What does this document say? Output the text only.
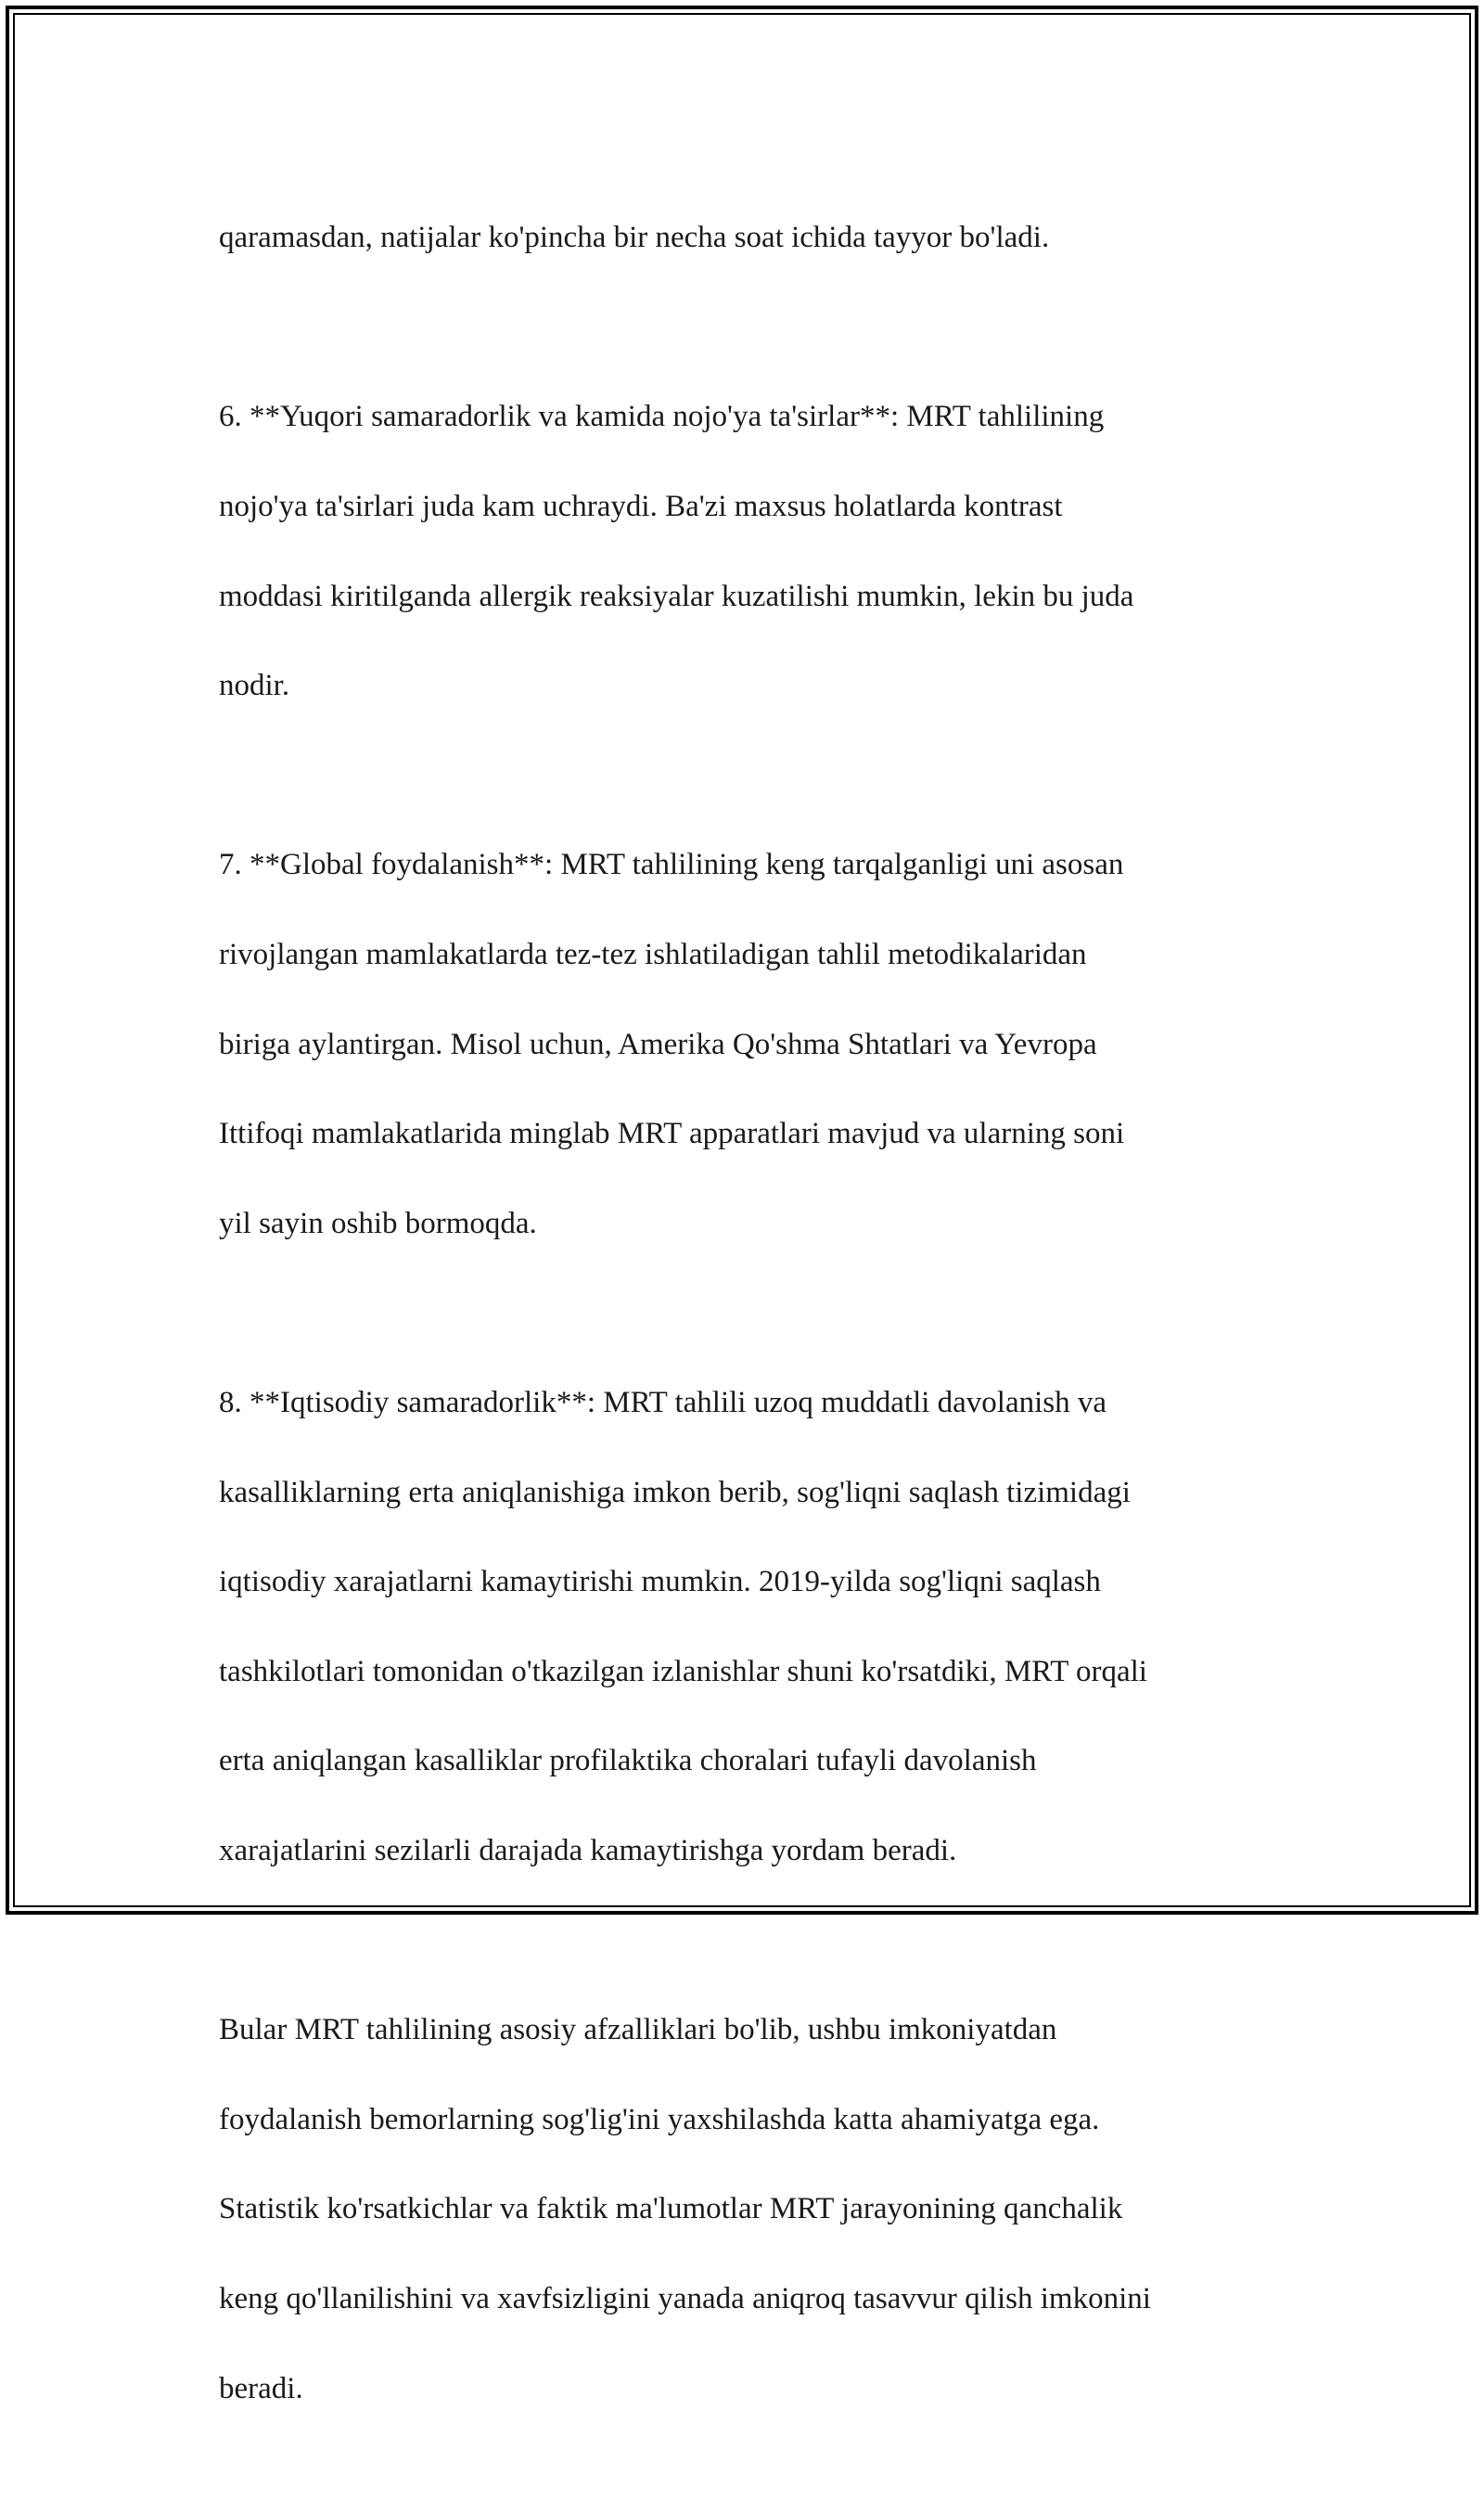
qaramasdan, natijalar ko'pincha bir necha soat ichida tayyor bo'ladi.

6. **Yuqori samaradorlik va kamida nojo'ya ta'sirlar**: MRT tahlilining

nojo'ya ta'sirlari juda kam uchraydi. Ba'zi maxsus holatlarda kontrast

moddasi kiritilganda allergik reaksiyalar kuzatilishi mumkin, lekin bu juda

nodir.

7. **Global foydalanish**: MRT tahlilining keng tarqalganligi uni asosan

rivojlangan mamlakatlarda tez-tez ishlatiladigan tahlil metodikalaridan

biriga aylantirgan. Misol uchun, Amerika Qo'shma Shtatlari va Yevropa

Ittifoqi mamlakatlarida minglab MRT apparatlari mavjud va ularning soni

yil sayin oshib bormoqda.

8. **Iqtisodiy samaradorlik**: MRT tahlili uzoq muddatli davolanish va

kasalliklarning erta aniqlanishiga imkon berib, sog'liqni saqlash tizimidagi

iqtisodiy xarajatlarni kamaytirishi mumkin. 2019-yilda sog'liqni saqlash

tashkilotlari tomonidan o'tkazilgan izlanishlar shuni ko'rsatdiki, MRT orqali

erta aniqlangan kasalliklar profilaktika choralari tufayli davolanish

xarajatlarini sezilarli darajada kamaytirishga yordam beradi.

Bular MRT tahlilining asosiy afzalliklari bo'lib, ushbu imkoniyatdan

foydalanish bemorlarning sog'lig'ini yaxshilashda katta ahamiyatga ega.

Statistik ko'rsatkichlar va faktik ma'lumotlar MRT jarayonining qanchalik

keng qo'llanilishini va xavfsizligini yanada aniqroq tasavvur qilish imkonini

beradi.
